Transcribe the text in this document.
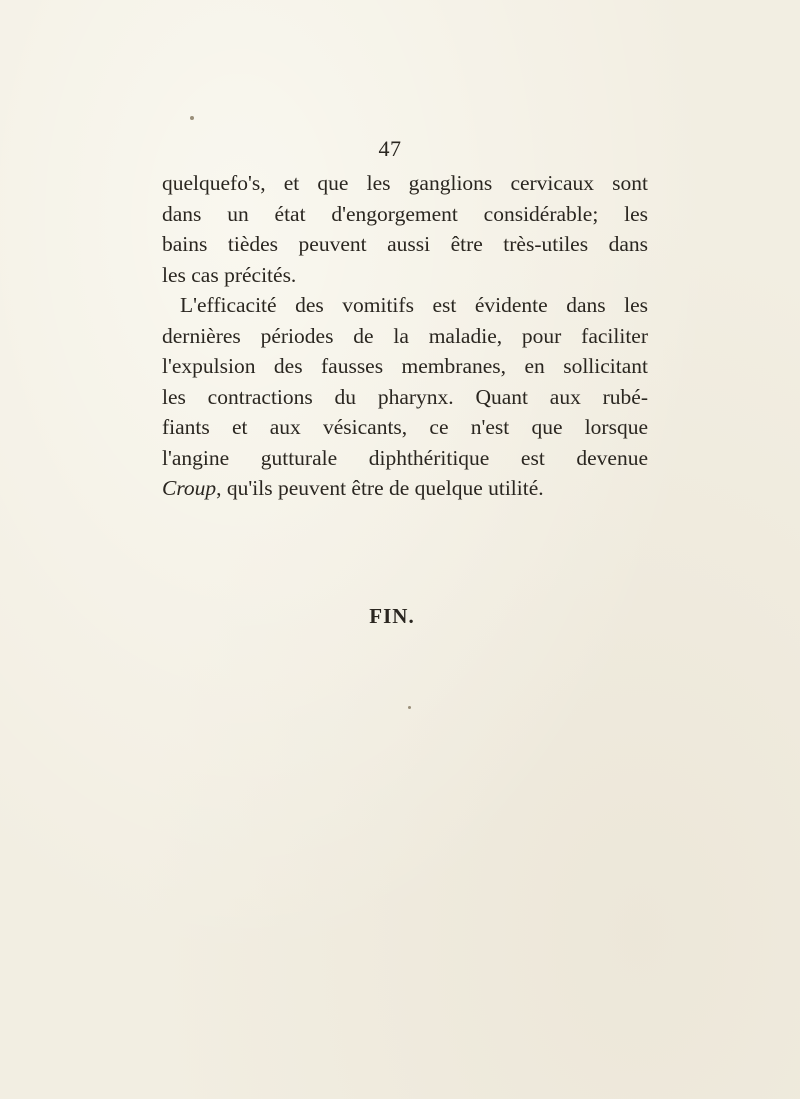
47
quelquefo's, et que les ganglions cervicaux sont
dans un état d'engorgement considérable; les
bains tièdes peuvent aussi être très-utiles dans
les cas précités.
L'efficacité des vomitifs est évidente dans les
dernières périodes de la maladie, pour faciliter
l'expulsion des fausses membranes, en sollicitant
les contractions du pharynx. Quant aux rubé-
fiants et aux vésicants, ce n'est que lorsque
l'angine gutturale diphthéritique est devenue
Croup, qu'ils peuvent être de quelque utilité.
FIN.
